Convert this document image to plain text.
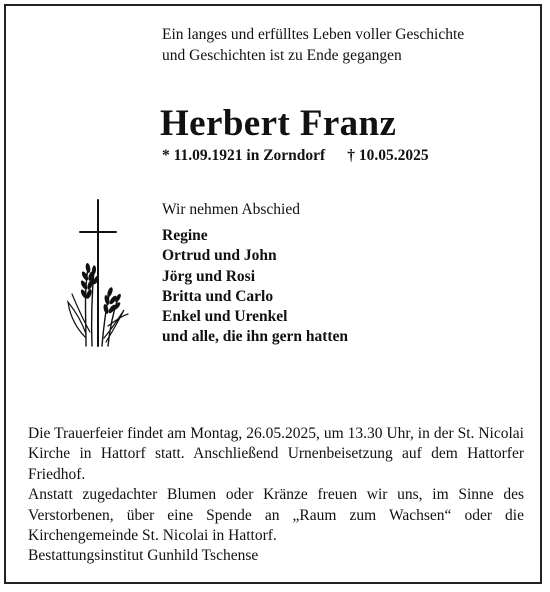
Ein langes und erfülltes Leben voller Geschichte
und Geschichten ist zu Ende gegangen
Herbert Franz
* 11.09.1921 in Zorndorf † 10.05.2025
Wir nehmen Abschied
Regine
Ortrud und John
Jörg und Rosi
Britta und Carlo
Enkel und Urenkel
und alle, die ihn gern hatten

Die Trauerfeier findet am Montag, 26.05.2025, um 13.30 Uhr, in der St. Nicolai Kirche in Hattorf statt. Anschließend Urnenbeisetzung auf dem Hattorfer Friedhof.

Anstatt zugedachter Blumen oder Kränze freuen wir uns, im Sinne des Verstorbenen, über eine Spende an „Raum zum Wachsen“ oder die Kirchengemeinde St. Nicolai in Hattorf.

Bestattungsinstitut Gunhild Tschense
